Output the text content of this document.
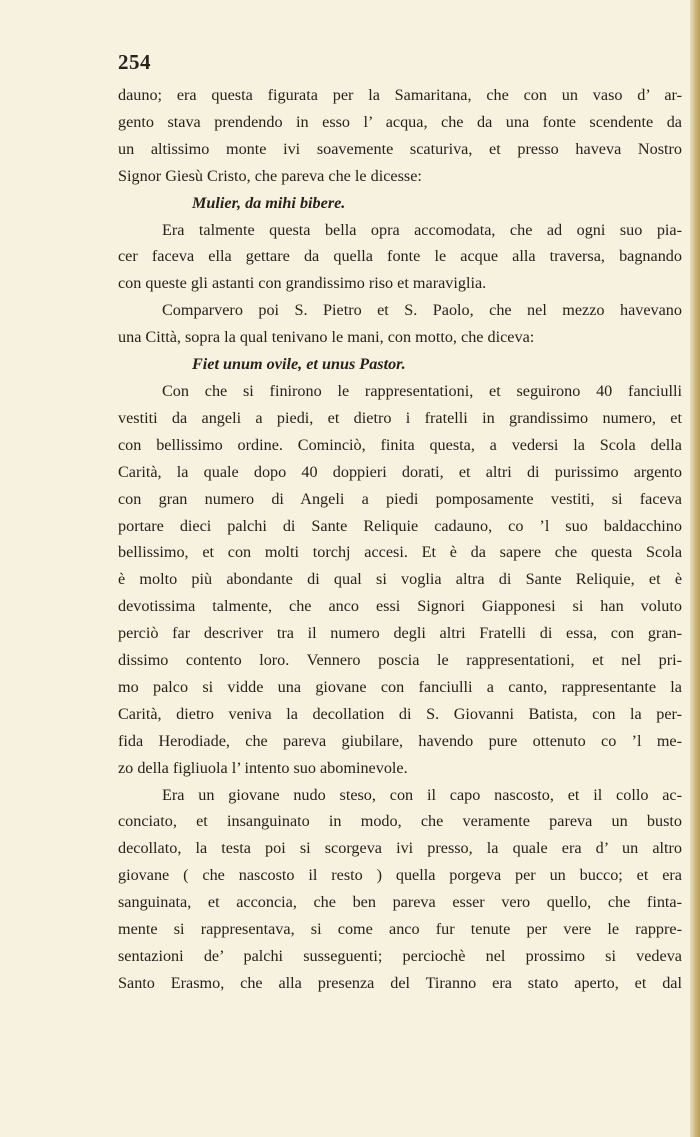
254
dauno; era questa figurata per la Samaritana, che con un vaso d’ ar-
gento stava prendendo in esso l’ acqua, che da una fonte scendente da
un altissimo monte ivi soavemente scaturiva, et presso haveva Nostro
Signor Giesù Cristo, che pareva che le dicesse:
Mulier, da mihi bibere.
Era talmente questa bella opra accomodata, che ad ogni suo pia-
cer faceva ella gettare da quella fonte le acque alla traversa, bagnando
con queste gli astanti con grandissimo riso et maraviglia.
Comparvero poi S. Pietro et S. Paolo, che nel mezzo havevano
una Città, sopra la qual tenivano le mani, con motto, che diceva:
Fiet unum ovile, et unus Pastor.
Con che si finirono le rappresentationi, et seguirono 40 fanciulli
vestiti da angeli a piedi, et dietro i fratelli in grandissimo numero, et
con bellissimo ordine. Cominciò, finita questa, a vedersi la Scola della
Carità, la quale dopo 40 doppieri dorati, et altri di purissimo argento
con gran numero di Angeli a piedi pomposamente vestiti, si faceva
portare dieci palchi di Sante Reliquie cadauno, co ’l suo baldacchino
bellissimo, et con molti torchj accesi. Et è da sapere che questa Scola
è molto più abondante di qual si voglia altra di Sante Reliquie, et è
devotissima talmente, che anco essi Signori Giapponesi si han voluto
perciò far descriver tra il numero degli altri Fratelli di essa, con gran-
dissimo contento loro. Vennero poscia le rappresentationi, et nel pri-
mo palco si vidde una giovane con fanciulli a canto, rappresentante la
Carità, dietro veniva la decollation di S. Giovanni Batista, con la per-
fida Herodiade, che pareva giubilare, havendo pure ottenuto co ’l me-
zo della figliuola l’ intento suo abominevole.
Era un giovane nudo steso, con il capo nascosto, et il collo ac-
conciato, et insanguinato in modo, che veramente pareva un busto
decollato, la testa poi si scorgeva ivi presso, la quale era d’ un altro
giovane ( che nascosto il resto ) quella porgeva per un bucco; et era
sanguinata, et acconcia, che ben pareva esser vero quello, che finta-
mente si rappresentava, si come anco fur tenute per vere le rappre-
sentazioni de’ palchi susseguenti; perciochè nel prossimo si vedeva
Santo Erasmo, che alla presenza del Tiranno era stato aperto, et dal
